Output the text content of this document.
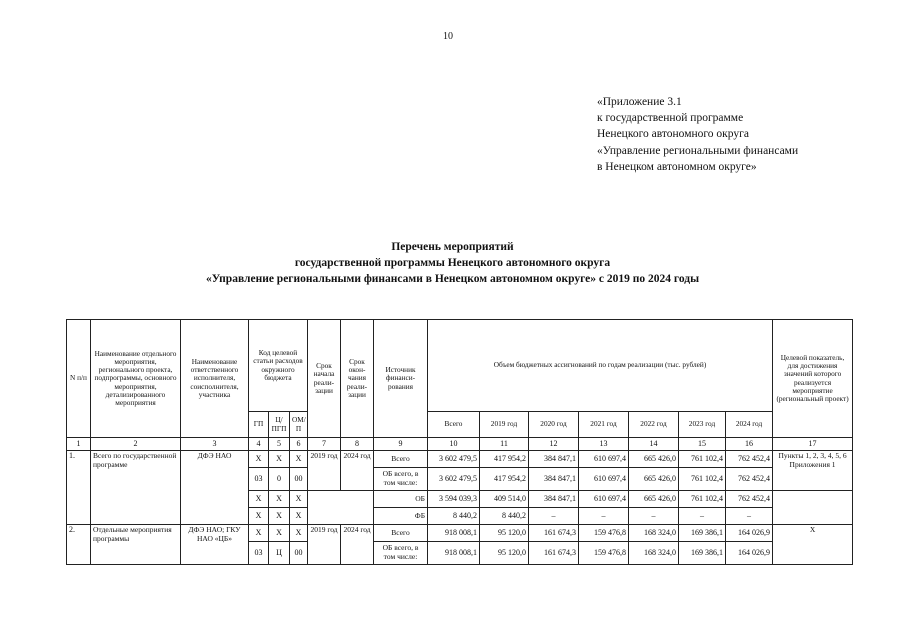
10
«Приложение 3.1
к государственной программе
Ненецкого автономного округа
«Управление региональными финансами
в Ненецком автономном округе»
Перечень мероприятий
государственной программы Ненецкого автономного округа
«Управление региональными финансами в Ненецком автономном округе» с 2019 по 2024 годы
N п/п	Наименование отдельного мероприятия, регионального проекта, подпрограммы, основного мероприятия, детализированного мероприятия	Наименование ответственного исполнителя, соисполнителя, участника	Код целевой статьи расходов окружного бюджета			Срок начала реали- зации	Срок окон- чания реали- зации	Источник финанси- рования	Объем бюджетных ассигнований по годам реализации (тыс. рублей)							Целевой показатель, для достижения значений которого реализуется мероприятие (региональный проект)
			ГП	Ц/ ПГП	ОМ/ П				Всего	2019 год	2020 год	2021 год	2022 год	2023 год	2024 год	
1	2	3	4	5	6	7	8	9	10	11	12	13	14	15	16	17
1.	Всего по государственной программе	ДФЭ НАО	X	X	X	2019 год	2024 год	Всего	3 602 479,5	417 954,2	384 847,1	610 697,4	665 426,0	761 102,4	762 452,4	Пункты 1, 2, 3, 4, 5, 6 Приложения 1
			03	0	00			ОБ всего, в том числе:	3 602 479,5	417 954,2	384 847,1	610 697,4	665 426,0	761 102,4	762 452,4	
			X	X	X			ОБ	3 594 039,3	409 514,0	384 847,1	610 697,4	665 426,0	761 102,4	762 452,4	
			X	X	X			ФБ	8 440,2	8 440,2	–	–	–	–	–	
2.	Отдельные мероприятия программы	ДФЭ НАО; ГКУ НАО «ЦБ»	X	X	X	2019 год	2024 год	Всего	918 008,1	95 120,0	161 674,3	159 476,8	168 324,0	169 386,1	164 026,9	X
			03	Ц	00			ОБ всего, в том числе:	918 008,1	95 120,0	161 674,3	159 476,8	168 324,0	169 386,1	164 026,9	
